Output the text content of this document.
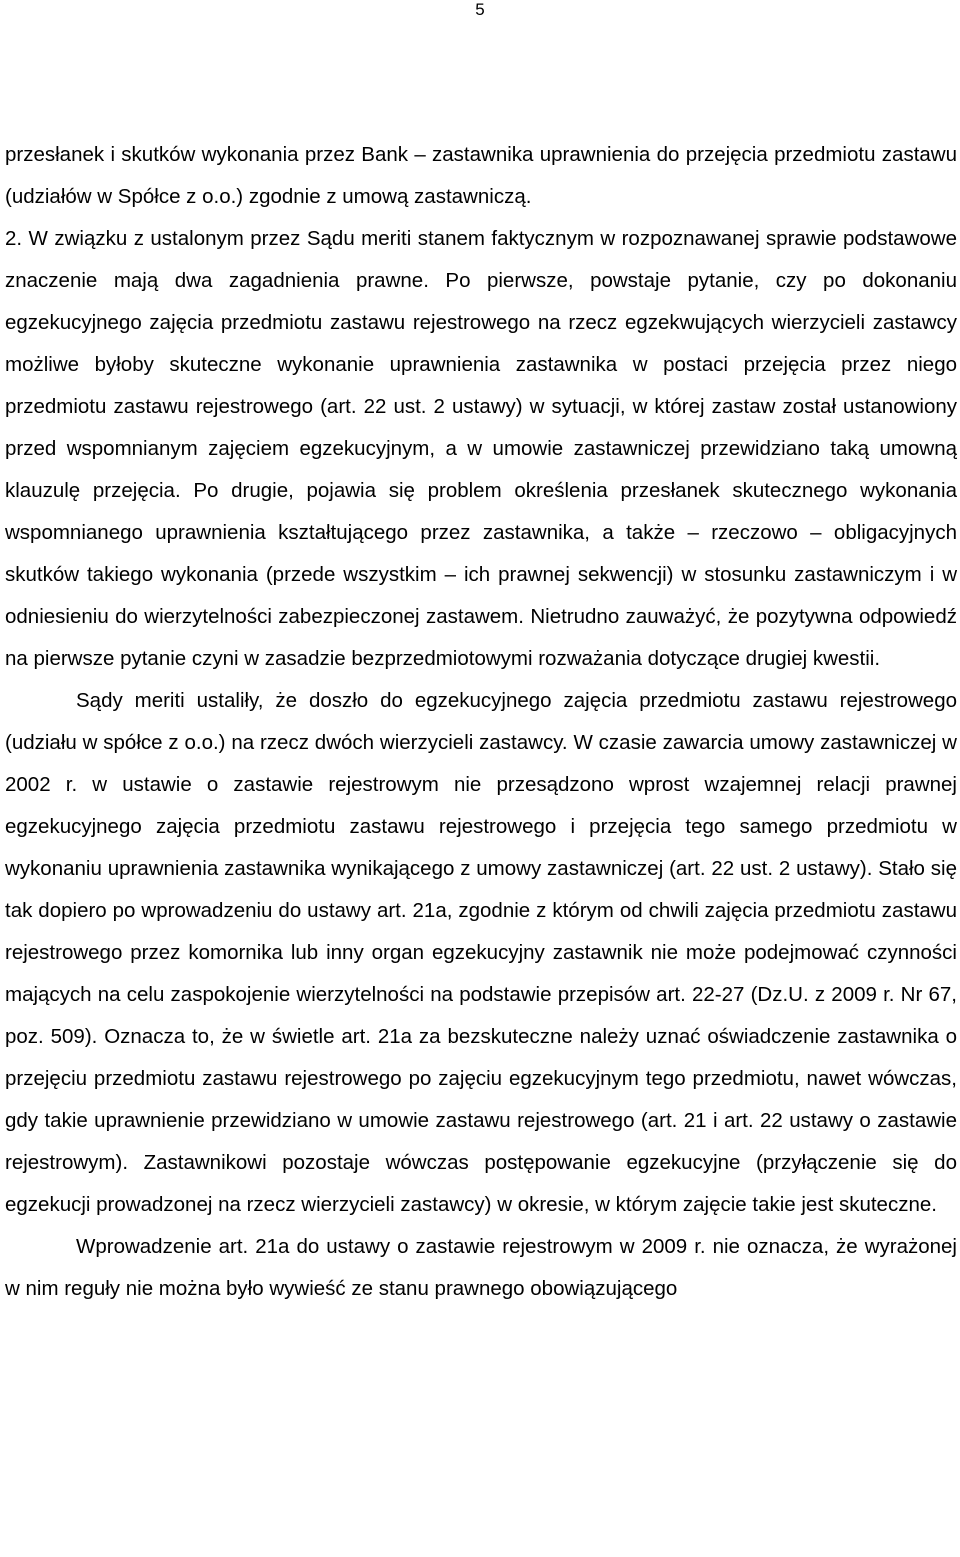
5

przesłanek i skutków wykonania przez Bank – zastawnika uprawnienia do przejęcia przedmiotu zastawu (udziałów w Spółce z o.o.) zgodnie z umową zastawniczą.

2. W związku z ustalonym przez Sądu meriti stanem faktycznym w rozpoznawanej sprawie podstawowe znaczenie mają dwa zagadnienia prawne. Po pierwsze, powstaje pytanie, czy po dokonaniu egzekucyjnego zajęcia przedmiotu zastawu rejestrowego na rzecz egzekwujących wierzycieli zastawcy możliwe byłoby skuteczne wykonanie uprawnienia zastawnika w postaci przejęcia przez niego przedmiotu zastawu rejestrowego (art. 22 ust. 2 ustawy) w sytuacji, w której zastaw został ustanowiony przed wspomnianym zajęciem egzekucyjnym, a w umowie zastawniczej przewidziano taką umowną klauzulę przejęcia. Po drugie, pojawia się problem określenia przesłanek skutecznego wykonania wspomnianego uprawnienia kształtującego przez zastawnika, a także – rzeczowo – obligacyjnych skutków takiego wykonania (przede wszystkim – ich prawnej sekwencji) w stosunku zastawniczym i w odniesieniu do wierzytelności zabezpieczonej zastawem. Nietrudno zauważyć, że pozytywna odpowiedź na pierwsze pytanie czyni w zasadzie bezprzedmiotowymi rozważania dotyczące drugiej kwestii.

Sądy meriti ustaliły, że doszło do egzekucyjnego zajęcia przedmiotu zastawu rejestrowego (udziału w spółce z o.o.) na rzecz dwóch wierzycieli zastawcy. W czasie zawarcia umowy zastawniczej w 2002 r. w ustawie o zastawie rejestrowym nie przesądzono wprost wzajemnej relacji prawnej egzekucyjnego zajęcia przedmiotu zastawu rejestrowego i przejęcia tego samego przedmiotu w wykonaniu uprawnienia zastawnika wynikającego z umowy zastawniczej (art. 22 ust. 2 ustawy). Stało się tak dopiero po wprowadzeniu do ustawy art. 21a, zgodnie z którym od chwili zajęcia przedmiotu zastawu rejestrowego przez komornika lub inny organ egzekucyjny zastawnik nie może podejmować czynności mających na celu zaspokojenie wierzytelności na podstawie przepisów art. 22-27 (Dz.U. z 2009 r. Nr 67, poz. 509). Oznacza to, że w świetle art. 21a za bezskuteczne należy uznać oświadczenie zastawnika o przejęciu przedmiotu zastawu rejestrowego po zajęciu egzekucyjnym tego przedmiotu, nawet wówczas, gdy takie uprawnienie przewidziano w umowie zastawu rejestrowego (art. 21 i art. 22 ustawy o zastawie rejestrowym). Zastawnikowi pozostaje wówczas postępowanie egzekucyjne (przyłączenie się do egzekucji prowadzonej na rzecz wierzycieli zastawcy) w okresie, w którym zajęcie takie jest skuteczne.

Wprowadzenie art. 21a do ustawy o zastawie rejestrowym w 2009 r. nie oznacza, że wyrażonej w nim reguły nie można było wywieść ze stanu prawnego obowiązującego
